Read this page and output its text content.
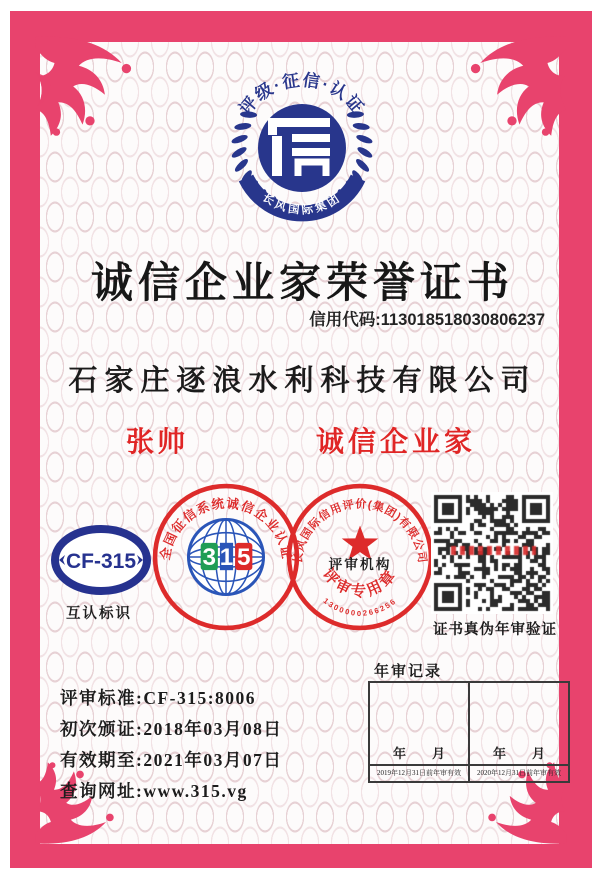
评级·征信·认证
长风国际集团
诚信企业家荣誉证书
信用代码:113018518030806237
石家庄逐浪水利科技有限公司
张帅	诚信企业家
CF-315
互认标识
全国征信系统诚信企业认证
3 1 5	长风国际信用评价(集团)有限公司
评审机构
评审专用章
1300000266256
证书真伪年审验证
评审标准:CF-315:8006
初次颁证:2018年03月08日
有效期至:2021年03月07日
查询网址:www.315.vg
年审记录
年　　月
2019年12月31日前年审有效
年　　月
2020年12月31日前年审有效
